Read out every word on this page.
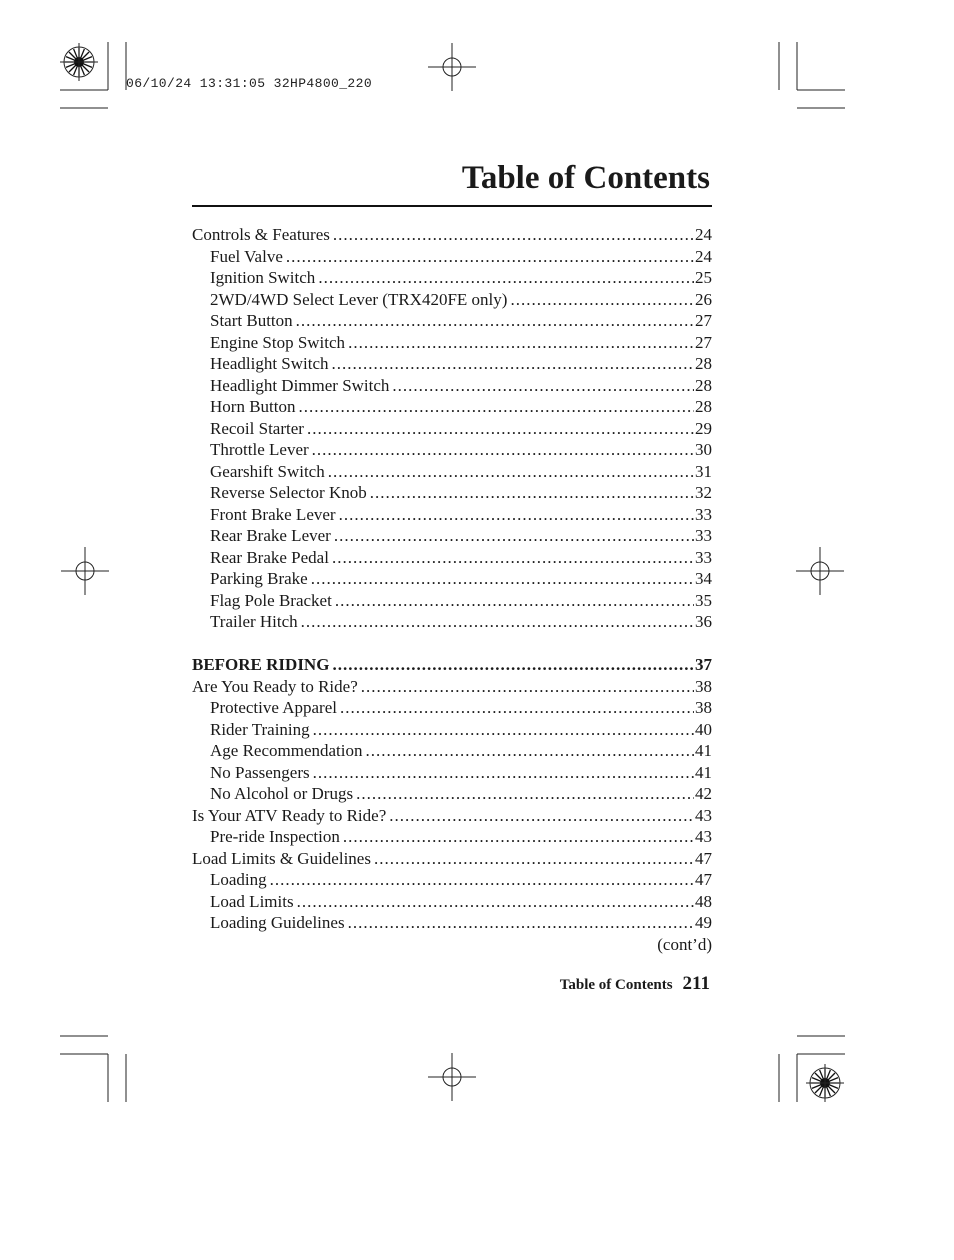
06/10/24 13:31:05 32HP4800_220
Table of Contents
Controls & Features .....	24
Fuel Valve .....	24
Ignition Switch .....	25
2WD/4WD Select Lever (TRX420FE only) .....	26
Start Button .....	27
Engine Stop Switch .....	27
Headlight Switch .....	28
Headlight Dimmer Switch .....	28
Horn Button .....	28
Recoil Starter .....	29
Throttle Lever .....	30
Gearshift Switch .....	31
Reverse Selector Knob .....	32
Front Brake Lever .....	33
Rear Brake Lever .....	33
Rear Brake Pedal .....	33
Parking Brake .....	34
Flag Pole Bracket .....	35
Trailer Hitch .....	36
BEFORE RIDING .....	37
Are You Ready to Ride? .....	38
Protective Apparel .....	38
Rider Training .....	40
Age Recommendation .....	41
No Passengers .....	41
No Alcohol or Drugs .....	42
Is Your ATV Ready to Ride? .....	43
Pre-ride Inspection .....	43
Load Limits & Guidelines .....	47
Loading .....	47
Load Limits .....	48
Loading Guidelines .....	49
(cont’d)
Table of Contents 211
